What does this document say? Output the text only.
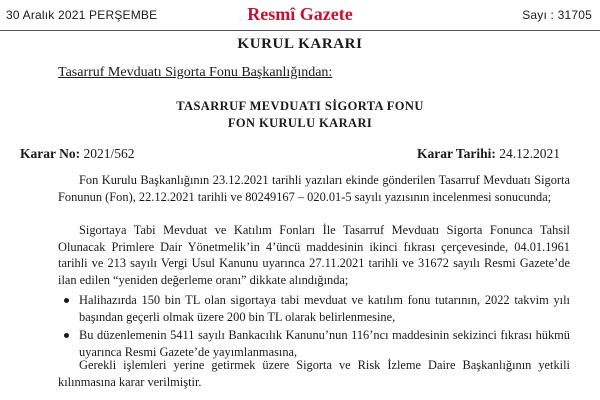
30 Aralık 2021 PERŞEMBE	Resmî Gazete	Sayı : 31705
KURUL KARARI
Tasarruf Mevduatı Sigorta Fonu Başkanlığından:
TASARRUF MEVDUATI SİGORTA FONU
FON KURULU KARARI
Karar No: 2021/562	Karar Tarihi: 24.12.2021
Fon Kurulu Başkanlığının 23.12.2021 tarihli yazıları ekinde gönderilen Tasarruf Mevduatı Sigorta Fonunun (Fon), 22.12.2021 tarihli ve 80249167 – 020.01-5 sayılı yazısının incelenmesi sonucunda;
Sigortaya Tabi Mevduat ve Katılım Fonları İle Tasarruf Mevduatı Sigorta Fonunca Tahsil Olunacak Primlere Dair Yönetmelik’in 4’üncü maddesinin ikinci fıkrası çerçevesinde, 04.01.1961 tarihli ve 213 sayılı Vergi Usul Kanunu uyarınca 27.11.2021 tarihli ve 31672 sayılı Resmi Gazete’de ilan edilen “yeniden değerleme oranı” dikkate alındığında;
Halihazırda 150 bin TL olan sigortaya tabi mevduat ve katılım fonu tutarının, 2022 takvim yılı başından geçerli olmak üzere 200 bin TL olarak belirlenmesine,
Bu düzenlemenin 5411 sayılı Bankacılık Kanunu’nun 116’ncı maddesinin sekizinci fıkrası hükmü uyarınca Resmi Gazete’de yayımlanmasına,
Gerekli işlemleri yerine getirmek üzere Sigorta ve Risk İzleme Daire Başkanlığının yetkili kılınmasına karar verilmiştir.
